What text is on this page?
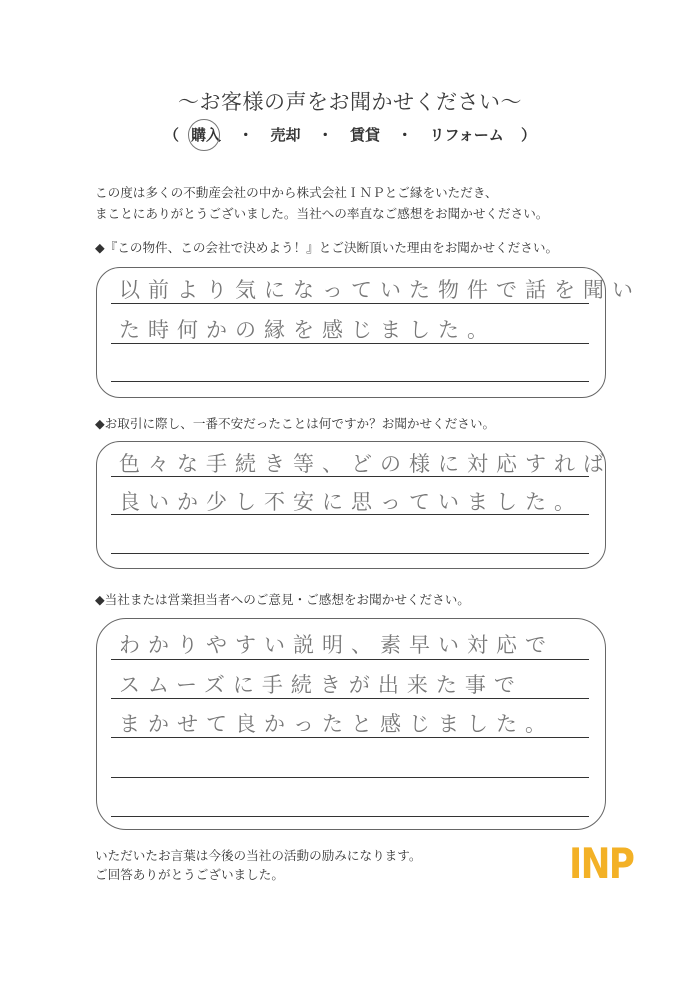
～お客様の声をお聞かせください～
（ 購入 ・ 売却 ・ 賃貸 ・ リフォーム ）
この度は多くの不動産会社の中から株式会社ＩＮＰとご縁をいただき、
まことにありがとうございました。当社への率直なご感想をお聞かせください。
◆『この物件、この会社で決めよう！』とご決断頂いた理由をお聞かせください。
以前より気になっていた物件で話を聞い
た時何かの縁を感じました。
◆お取引に際し、一番不安だったことは何ですか？お聞かせください。
色々な手続き等、どの様に対応すれば
良いか少し不安に思っていました。
◆当社または営業担当者へのご意見・ご感想をお聞かせください。
わかりやすい説明、素早い対応で
スムーズに手続きが出来た事で
まかせて良かったと感じました。
いただいたお言葉は今後の当社の活動の励みになります。
ご回答ありがとうございました。	INP
